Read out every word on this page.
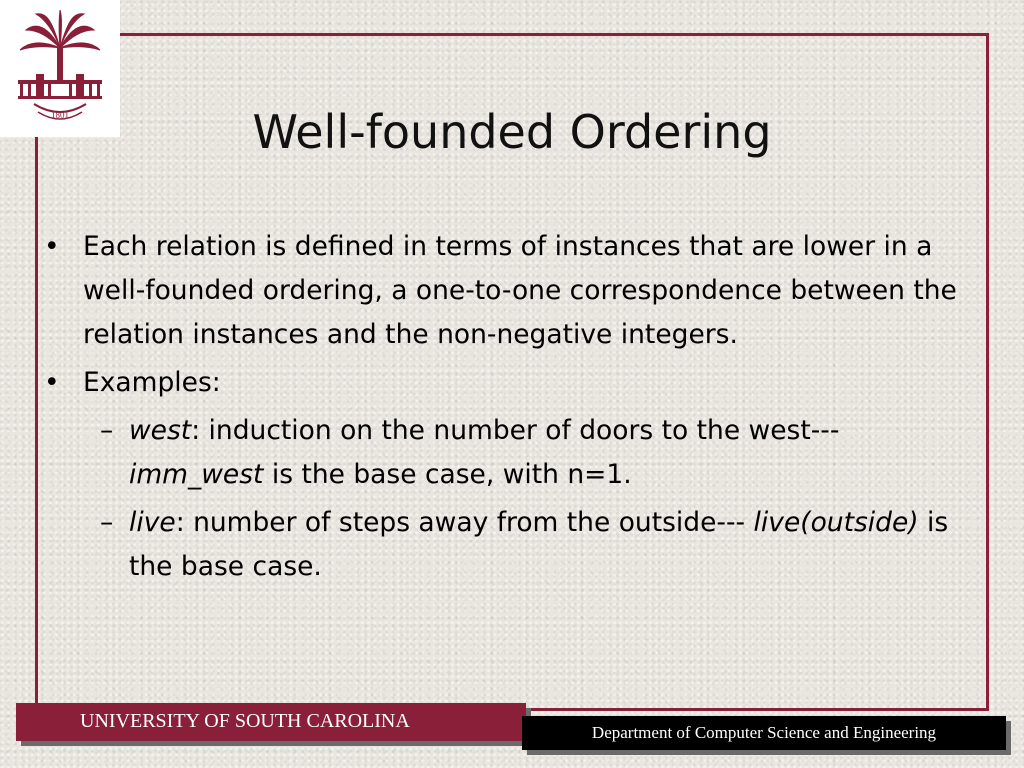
1801	Well-founded Ordering
• Each relation is defined in terms of instances that are lower in a well-founded ordering, a one-to-one correspondence between the relation instances and the non-negative integers.
• Examples:
– west: induction on the number of doors to the west--- imm_west is the base case, with n=1.
– live: number of steps away from the outside--- live(outside) is the base case.
UNIVERSITY OF SOUTH CAROLINA
Department of Computer Science and Engineering
